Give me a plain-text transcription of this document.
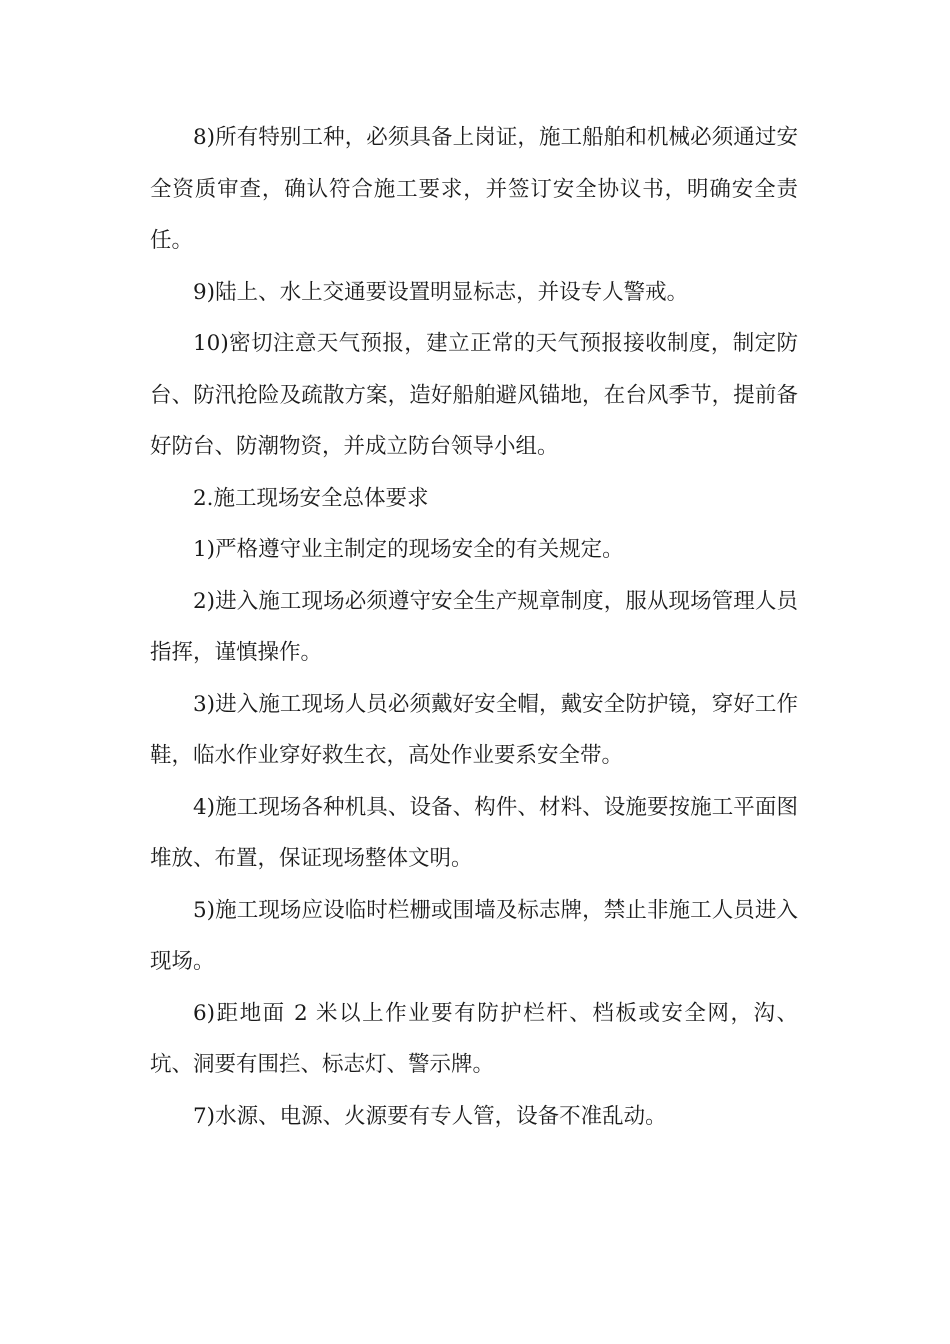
8)所有特别工种，必须具备上岗证，施工船舶和机械必须通过安全资质审查，确认符合施工要求，并签订安全协议书，明确安全责任。

9)陆上、水上交通要设置明显标志，并设专人警戒。

10)密切注意天气预报，建立正常的天气预报接收制度，制定防台、防汛抢险及疏散方案，造好船舶避风锚地，在台风季节，提前备好防台、防潮物资，并成立防台领导小组。

2.施工现场安全总体要求

1)严格遵守业主制定的现场安全的有关规定。

2)进入施工现场必须遵守安全生产规章制度，服从现场管理人员指挥，谨慎操作。

3)进入施工现场人员必须戴好安全帽，戴安全防护镜，穿好工作鞋，临水作业穿好救生衣，高处作业要系安全带。

4)施工现场各种机具、设备、构件、材料、设施要按施工平面图堆放、布置，保证现场整体文明。

5)施工现场应设临时栏栅或围墙及标志牌，禁止非施工人员进入现场。

6)距地面 2 米以上作业要有防护栏杆、档板或安全网，沟、坑、洞要有围拦、标志灯、警示牌。

7)水源、电源、火源要有专人管，设备不准乱动。
